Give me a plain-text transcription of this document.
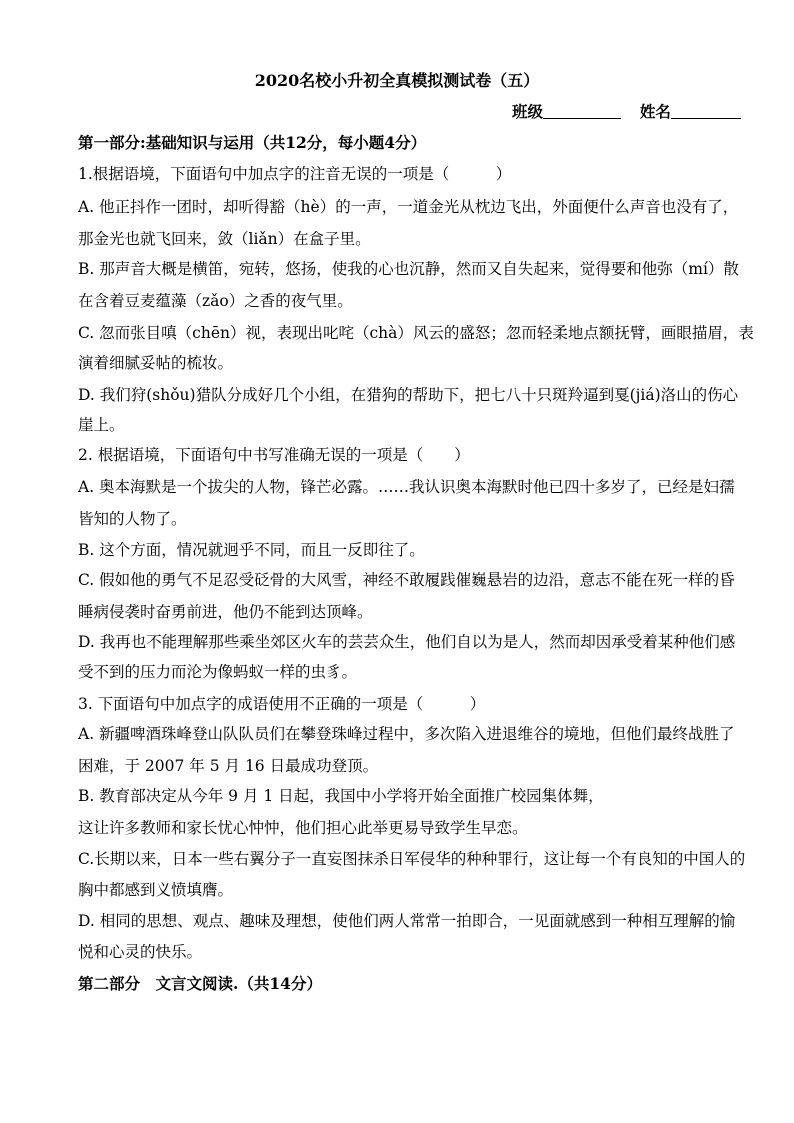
2020名校小升初全真模拟测试卷（五）
班级	姓名
第一部分:基础知识与运用（共12分，每小题4分）
1.根据语境，下面语句中加点字的注音无误的一项是（　　　）
A. 他正抖作一团时，却听得豁（hè）的一声，一道金光从枕边飞出，外面便什么声音也没有了，
那金光也就飞回来，敛（liǎn）在盒子里。
B. 那声音大概是横笛，宛转，悠扬，使我的心也沉静，然而又自失起来，觉得要和他弥（mí）散
在含着豆麦蕴藻（zǎo）之香的夜气里。
C. 忽而张目嗔（chēn）视，表现出叱咤（chà）风云的盛怒；忽而轻柔地点额抚臂，画眼描眉，表
演着细腻妥帖的梳妆。
D. 我们狩(shǒu)猎队分成好几个小组，在猎狗的帮助下，把七八十只斑羚逼到戛(jiá)洛山的伤心
崖上。
2. 根据语境，下面语句中书写准确无误的一项是（　　）
A. 奥本海默是一个拔尖的人物，锋芒必露。……我认识奥本海默时他已四十多岁了，已经是妇孺
皆知的人物了。
B. 这个方面，情况就迥乎不同，而且一反即往了。
C. 假如他的勇气不足忍受砭骨的大风雪，神经不敢履践催巍悬岩的边沿，意志不能在死一样的昏
睡病侵袭时奋勇前进，他仍不能到达顶峰。
D. 我再也不能理解那些乘坐郊区火车的芸芸众生，他们自以为是人，然而却因承受着某种他们感
受不到的压力而沦为像蚂蚁一样的虫豸。
3. 下面语句中加点字的成语使用不正确的一项是（　　　）
A. 新疆啤酒珠峰登山队队员们在攀登珠峰过程中，多次陷入进退维谷的境地，但他们最终战胜了
困难，于 2007 年 5 月 16 日最成功登顶。
B. 教育部决定从今年 9 月 1 日起，我国中小学将开始全面推广校园集体舞，
这让许多教师和家长忧心忡忡，他们担心此举更易导致学生早恋。
C.长期以来，日本一些右翼分子一直妄图抹杀日军侵华的种种罪行，这让每一个有良知的中国人的
胸中都感到义愤填膺。
D. 相同的思想、观点、趣味及理想，使他们两人常常一拍即合，一见面就感到一种相互理解的愉
悦和心灵的快乐。
第二部分　文言文阅读.（共14分）
